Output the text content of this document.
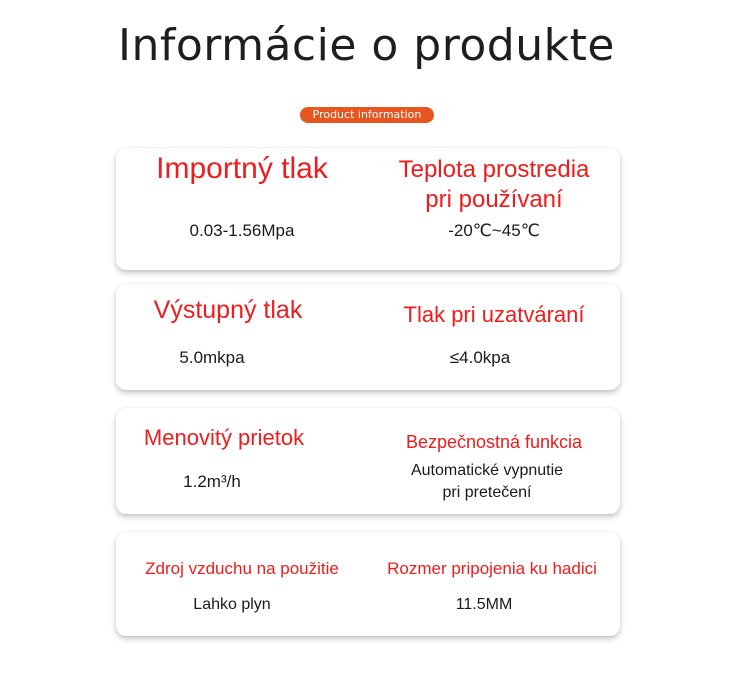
Informácie o produkte
Product information
Importný tlak
0.03-1.56Mpa
Teplota prostredia
pri používaní
-20℃~45℃
Výstupný tlak
5.0mkpa
Tlak pri uzatváraní
≤4.0kpa
Menovitý prietok
1.2m³/h
Bezpečnostná funkcia
Automatické vypnutie
pri pretečení
Zdroj vzduchu na použitie
Lahko plyn
Rozmer pripojenia ku hadici
11.5MM
